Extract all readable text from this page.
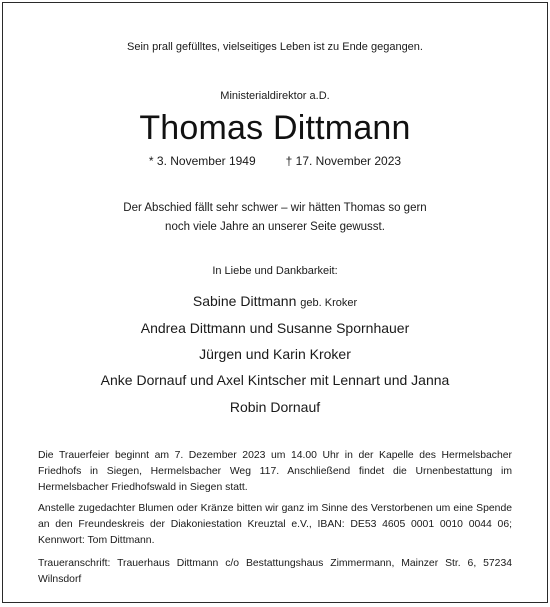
Sein prall gefülltes, vielseitiges Leben ist zu Ende gegangen.
Ministerialdirektor a.D.
Thomas Dittmann
* 3. November 1949	† 17. November 2023
Der Abschied fällt sehr schwer – wir hätten Thomas so gern
noch viele Jahre an unserer Seite gewusst.
In Liebe und Dankbarkeit:
Sabine Dittmann geb. Kroker
Andrea Dittmann und Susanne Spornhauer
Jürgen und Karin Kroker
Anke Dornauf und Axel Kintscher mit Lennart und Janna
Robin Dornauf
Die Trauerfeier beginnt am 7. Dezember 2023 um 14.00 Uhr in der Kapelle des Hermelsbacher Friedhofs in Siegen, Hermelsbacher Weg 117. Anschließend findet die Urnenbestattung im Hermelsbacher Friedhofswald in Siegen statt.
Anstelle zugedachter Blumen oder Kränze bitten wir ganz im Sinne des Verstorbenen um eine Spende an den Freundeskreis der Diakoniestation Kreuztal e.V., IBAN: DE53 4605 0001 0010 0044 06; Kennwort: Tom Dittmann.
Traueranschrift: Trauerhaus Dittmann c/o Bestattungshaus Zimmermann, Mainzer Str. 6, 57234 Wilnsdorf
